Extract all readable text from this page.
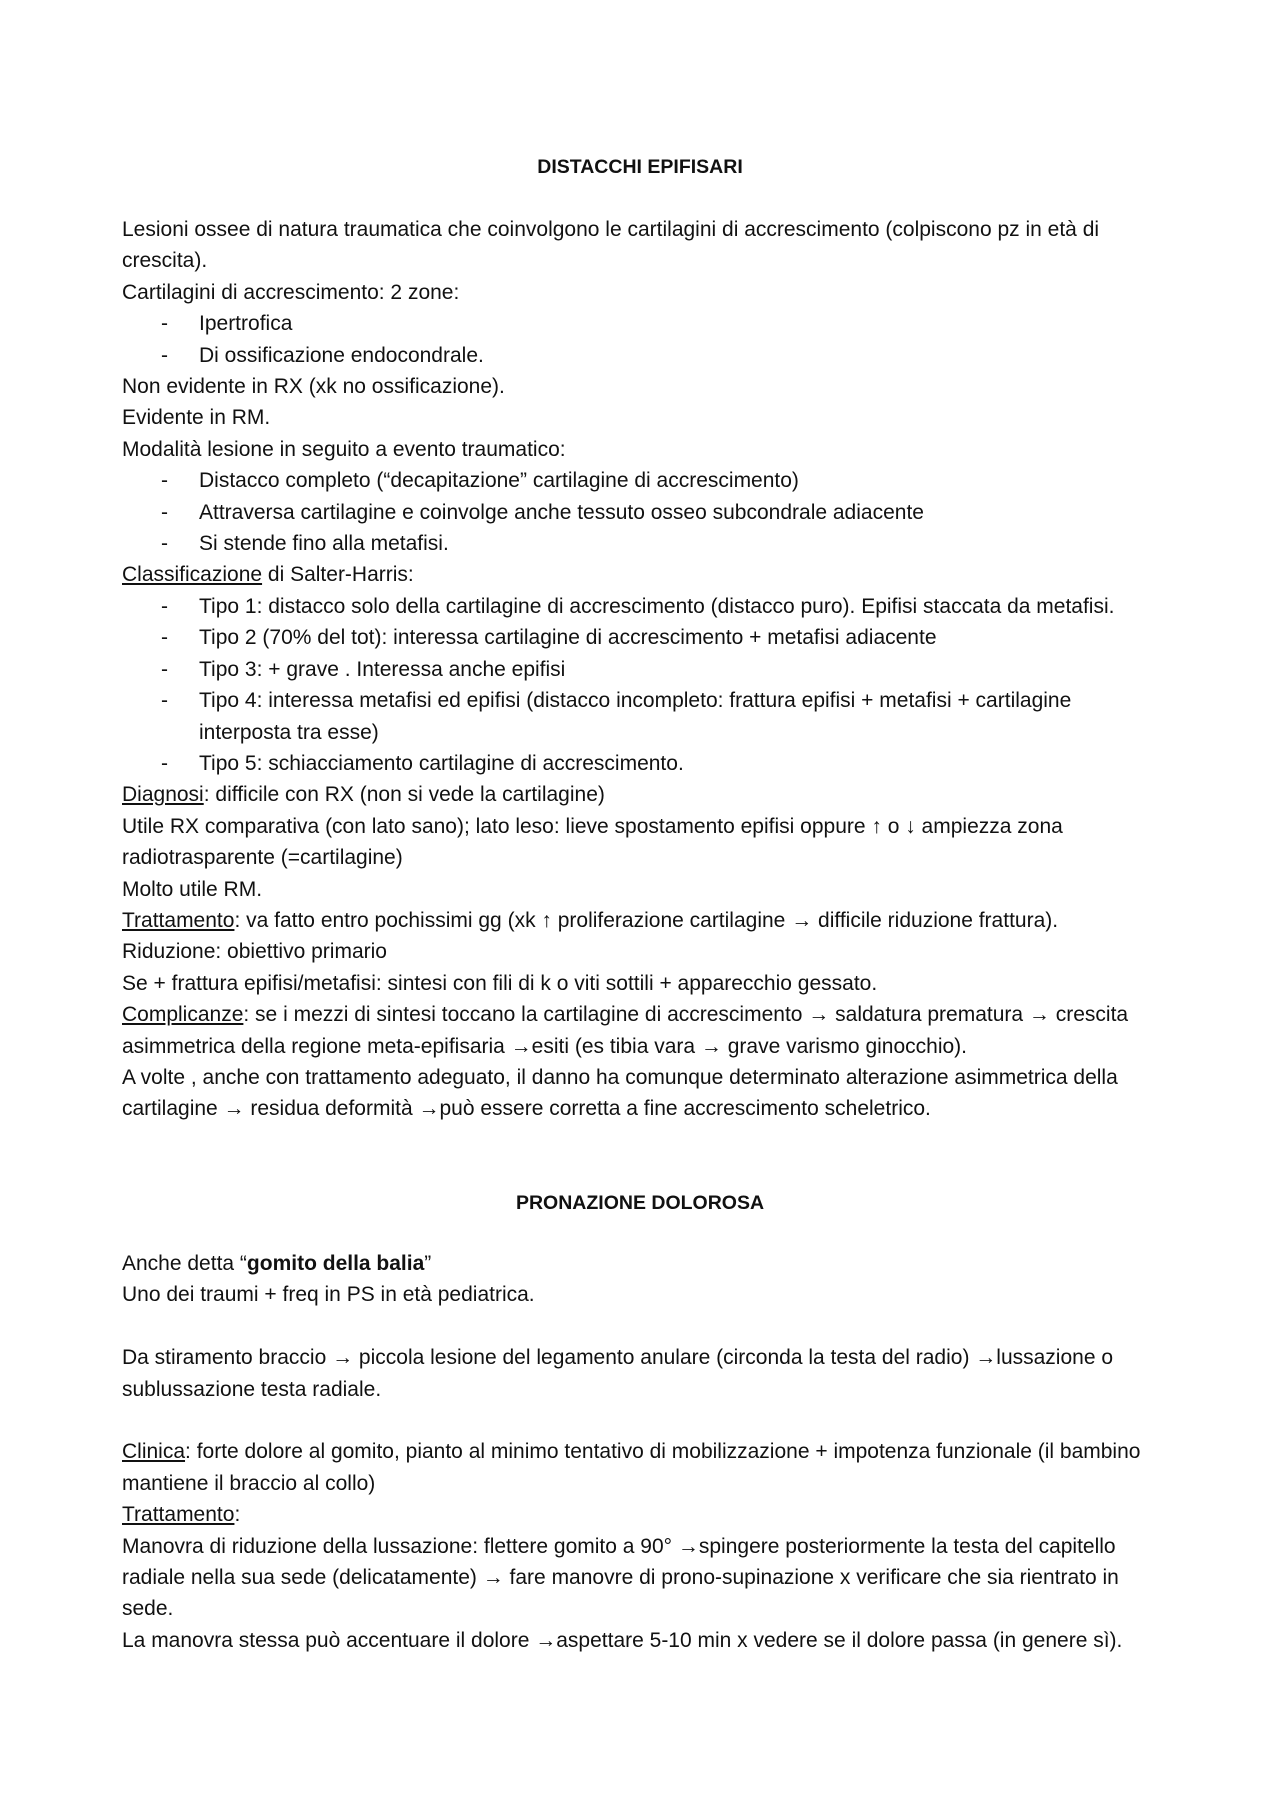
DISTACCHI EPIFISARI

Lesioni ossee di natura traumatica che coinvolgono le cartilagini di accrescimento (colpiscono pz in età di crescita).

Cartilagini di accrescimento: 2 zone:

- Ipertrofica

- Di ossificazione endocondrale.

Non evidente in RX (xk no ossificazione).

Evidente in RM.

Modalità lesione in seguito a evento traumatico:

- Distacco completo (“decapitazione” cartilagine di accrescimento)

- Attraversa cartilagine e coinvolge anche tessuto osseo subcondrale adiacente

- Si stende fino alla metafisi.

Classificazione di Salter-Harris:

- Tipo 1: distacco solo della cartilagine di accrescimento (distacco puro). Epifisi staccata da metafisi.

- Tipo 2 (70% del tot): interessa cartilagine di accrescimento + metafisi adiacente

- Tipo 3: + grave . Interessa anche epifisi

- Tipo 4: interessa metafisi ed epifisi (distacco incompleto: frattura epifisi + metafisi + cartilagine interposta tra esse)

- Tipo 5: schiacciamento cartilagine di accrescimento.

Diagnosi: difficile con RX (non si vede la cartilagine)

Utile RX comparativa (con lato sano); lato leso: lieve spostamento epifisi oppure ↑ o ↓ ampiezza zona radiotrasparente (=cartilagine)

Molto utile RM.

Trattamento: va fatto entro pochissimi gg (xk ↑ proliferazione cartilagine → difficile riduzione frattura).

Riduzione: obiettivo primario

Se + frattura epifisi/metafisi: sintesi con fili di k o viti sottili + apparecchio gessato.

Complicanze: se i mezzi di sintesi toccano la cartilagine di accrescimento → saldatura prematura → crescita asimmetrica della regione meta-epifisaria →esiti (es tibia vara → grave varismo ginocchio).

A volte , anche con trattamento adeguato, il danno ha comunque determinato alterazione asimmetrica della cartilagine → residua deformità →può essere corretta a fine accrescimento scheletrico.

PRONAZIONE DOLOROSA

Anche detta “gomito della balia”

Uno dei traumi + freq in PS in età pediatrica.

Da stiramento braccio → piccola lesione del legamento anulare (circonda la testa del radio) →lussazione o sublussazione testa radiale.

Clinica: forte dolore al gomito, pianto al minimo tentativo di mobilizzazione + impotenza funzionale (il bambino mantiene il braccio al collo)

Trattamento:

Manovra di riduzione della lussazione: flettere gomito a 90° →spingere posteriormente la testa del capitello radiale nella sua sede (delicatamente) → fare manovre di prono-supinazione x verificare che sia rientrato in sede.

La manovra stessa può accentuare il dolore →aspettare 5-10 min x vedere se il dolore passa (in genere sì).
